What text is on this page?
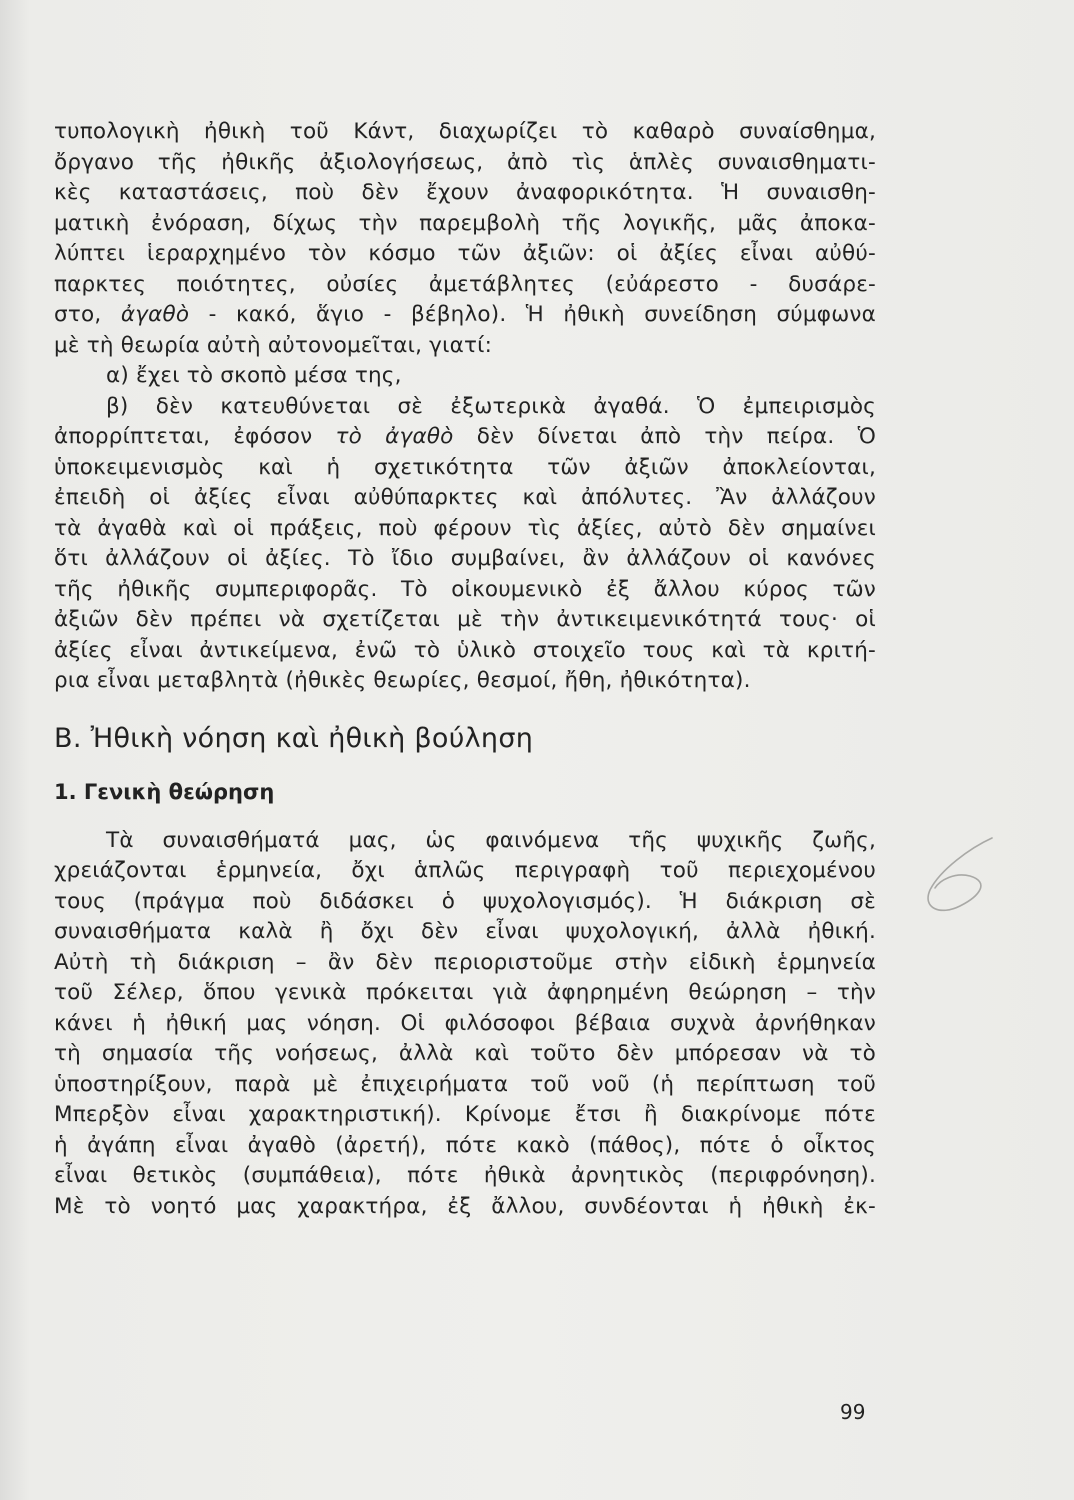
τυπολογικὴ ἠθικὴ τοῦ Κάντ, διαχωρίζει τὸ καθαρὸ συναίσθημα,
ὄργανο τῆς ἠθικῆς ἀξιολογήσεως, ἀπὸ τὶς ἁπλὲς συναισθηματι-
κὲς καταστάσεις, ποὺ δὲν ἔχουν ἀναφορικότητα. Ἡ συναισθη-
ματικὴ ἐνόραση, δίχως τὴν παρεμβολὴ τῆς λογικῆς, μᾶς ἀποκα-
λύπτει ἱεραρχημένο τὸν κόσμο τῶν ἀξιῶν: οἱ ἀξίες εἶναι αὐθύ-
παρκτες ποιότητες, οὐσίες ἀμετάβλητες (εὐάρεστο - δυσάρε-
στο, ἀγαθὸ - κακό, ἅγιο - βέβηλο). Ἡ ἠθικὴ συνείδηση σύμφωνα
μὲ τὴ θεωρία αὐτὴ αὐτονομεῖται, γιατί:
α) ἔχει τὸ σκοπὸ μέσα της,
β) δὲν κατευθύνεται σὲ ἐξωτερικὰ ἀγαθά. Ὁ ἐμπειρισμὸς
ἀπορρίπτεται, ἐφόσον τὸ ἀγαθὸ δὲν δίνεται ἀπὸ τὴν πείρα. Ὁ
ὑποκειμενισμὸς καὶ ἡ σχετικότητα τῶν ἀξιῶν ἀποκλείονται,
ἐπειδὴ οἱ ἀξίες εἶναι αὐθύπαρκτες καὶ ἀπόλυτες. Ἂν ἀλλάζουν
τὰ ἀγαθὰ καὶ οἱ πράξεις, ποὺ φέρουν τὶς ἀξίες, αὐτὸ δὲν σημαίνει
ὅτι ἀλλάζουν οἱ ἀξίες. Τὸ ἴδιο συμβαίνει, ἂν ἀλλάζουν οἱ κανόνες
τῆς ἠθικῆς συμπεριφορᾶς. Τὸ οἰκουμενικὸ ἐξ ἄλλου κύρος τῶν
ἀξιῶν δὲν πρέπει νὰ σχετίζεται μὲ τὴν ἀντικειμενικότητά τους· οἱ
ἀξίες εἶναι ἀντικείμενα, ἐνῶ τὸ ὑλικὸ στοιχεῖο τους καὶ τὰ κριτή-
ρια εἶναι μεταβλητὰ (ἠθικὲς θεωρίες, θεσμοί, ἤθη, ἠθικότητα).
Β. Ἠθικὴ νόηση καὶ ἠθικὴ βούληση
1. Γενικὴ θεώρηση
Τὰ συναισθήματά μας, ὡς φαινόμενα τῆς ψυχικῆς ζωῆς,
χρειάζονται ἑρμηνεία, ὄχι ἁπλῶς περιγραφὴ τοῦ περιεχομένου
τους (πράγμα ποὺ διδάσκει ὁ ψυχολογισμός). Ἡ διάκριση σὲ
συναισθήματα καλὰ ἢ ὄχι δὲν εἶναι ψυχολογική, ἀλλὰ ἠθική.
Αὐτὴ τὴ διάκριση – ἂν δὲν περιοριστοῦμε στὴν εἰδικὴ ἑρμηνεία
τοῦ Σέλερ, ὅπου γενικὰ πρόκειται γιὰ ἀφηρημένη θεώρηση – τὴν
κάνει ἡ ἠθική μας νόηση. Οἱ φιλόσοφοι βέβαια συχνὰ ἀρνήθηκαν
τὴ σημασία τῆς νοήσεως, ἀλλὰ καὶ τοῦτο δὲν μπόρεσαν νὰ τὸ
ὑποστηρίξουν, παρὰ μὲ ἐπιχειρήματα τοῦ νοῦ (ἡ περίπτωση τοῦ
Μπερξὸν εἶναι χαρακτηριστική). Κρίνομε ἔτσι ἢ διακρίνομε πότε
ἡ ἀγάπη εἶναι ἀγαθὸ (ἀρετή), πότε κακὸ (πάθος), πότε ὁ οἶκτος
εἶναι θετικὸς (συμπάθεια), πότε ἠθικὰ ἀρνητικὸς (περιφρόνηση).
Μὲ τὸ νοητό μας χαρακτήρα, ἐξ ἄλλου, συνδέονται ἡ ἠθικὴ ἐκ-
99
